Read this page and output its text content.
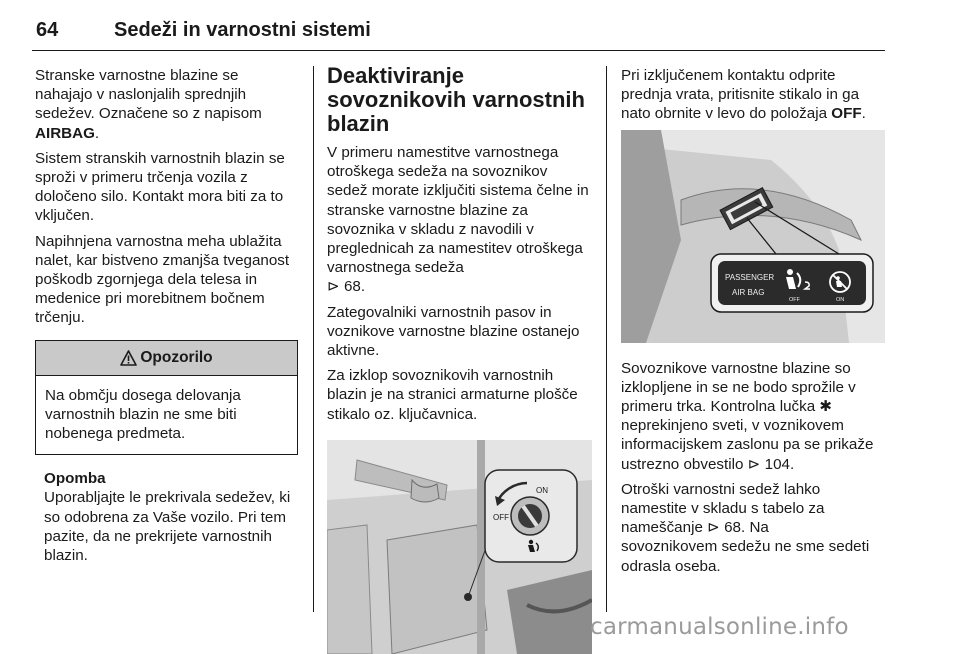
64	Sedeži in varnostni sistemi

Stranske varnostne blazine se nahajajo v naslonjalih sprednjih sedežev. Označene so z napisom AIRBAG.

Sistem stranskih varnostnih blazin se sproži v primeru trčenja vozila z določeno silo. Kontakt mora biti za to vključen.

Napihnjena varnostna meha ublažita nalet, kar bistveno zmanjša tveganost poškodb zgornjega dela telesa in medenice pri morebitnem bočnem trčenju.

Opozorilo
Na obmčju dosega delovanja varnostnih blazin ne sme biti nobenega predmeta.
Opomba
Uporabljajte le prekrivala sedežev, ki so odobrena za Vaše vozilo. Pri tem pazite, da ne prekrijete varnostnih blazin.
Deaktiviranje sovoznikovih varnostnih blazin

V primeru namestitve varnostnega otroškega sedeža na sovoznikov sedež morate izključiti sistema čelne in stranske varnostne blazine za sovoznika v skladu z navodili v preglednicah za namestitev otroškega varnostnega sedeža
⊳ 68.

Zategovalniki varnostnih pasov in voznikove varnostne blazine ostanejo aktivne.

Za izklop sovoznikovih varnostnih blazin je na stranici armaturne plošče stikalo oz. ključavnica.

ON
OFF

Pri izključenem kontaktu odprite prednja vrata, pritisnite stikalo in ga nato obrnite v levo do položaja OFF.

PASSENGER
AIR BAG
OFF	ON

Sovoznikove varnostne blazine so izklopljene in se ne bodo sprožile v primeru trka. Kontrolna lučka ✱ neprekinjeno sveti, v voznikovem informacijskem zaslonu pa se prikaže ustrezno obvestilo ⊳ 104.

Otroški varnostni sedež lahko namestite v skladu s tabelo za nameščanje ⊳ 68. Na
sovoznikovem sedežu ne sme sedeti odrasla oseba.

carmanualsonline.info
